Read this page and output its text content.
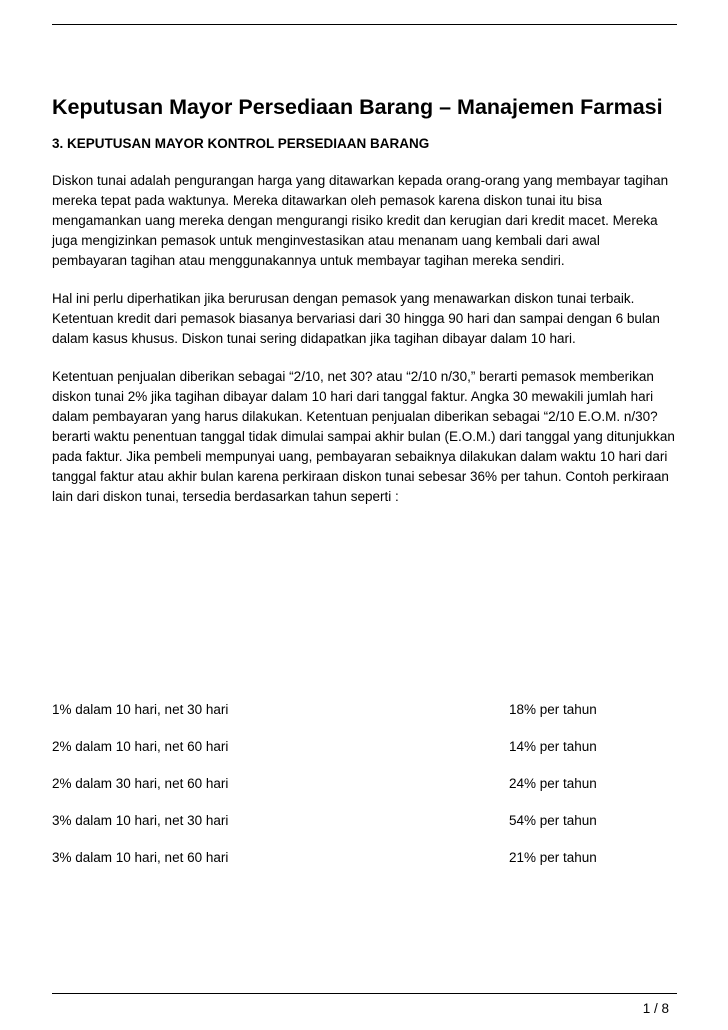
Keputusan Mayor Persediaan Barang – Manajemen Farmasi
3. KEPUTUSAN MAYOR KONTROL PERSEDIAAN BARANG

Diskon tunai adalah pengurangan harga yang ditawarkan kepada orang-orang yang membayar tagihan mereka tepat pada waktunya. Mereka ditawarkan oleh pemasok karena diskon tunai itu bisa mengamankan uang mereka dengan mengurangi risiko kredit dan kerugian dari kredit macet. Mereka juga mengizinkan pemasok untuk menginvestasikan atau menanam uang kembali dari awal pembayaran tagihan atau menggunakannya untuk membayar tagihan mereka sendiri.

Hal ini perlu diperhatikan jika berurusan dengan pemasok yang menawarkan diskon tunai terbaik. Ketentuan kredit dari pemasok biasanya bervariasi dari 30 hingga 90 hari dan sampai dengan 6 bulan dalam kasus khusus. Diskon tunai sering didapatkan jika tagihan dibayar dalam 10 hari.

Ketentuan penjualan diberikan sebagai “2/10, net 30? atau “2/10 n/30,” berarti pemasok memberikan diskon tunai 2% jika tagihan dibayar dalam 10 hari dari tanggal faktur. Angka 30 mewakili jumlah hari dalam pembayaran yang harus dilakukan. Ketentuan penjualan diberikan sebagai “2/10 E.O.M. n/30? berarti waktu penentuan tanggal tidak dimulai sampai akhir bulan (E.O.M.) dari tanggal yang ditunjukkan pada faktur. Jika pembeli mempunyai uang, pembayaran sebaiknya dilakukan dalam waktu 10 hari dari tanggal faktur atau akhir bulan karena perkiraan diskon tunai sebesar 36% per tahun. Contoh perkiraan lain dari diskon tunai, tersedia berdasarkan tahun seperti :

1% dalam 10 hari, net 30 hari	18% per tahun
2% dalam 10 hari, net 60 hari	14% per tahun
2% dalam 30 hari, net 60 hari	24% per tahun
3% dalam 10 hari, net 30 hari	54% per tahun
3% dalam 10 hari, net 60 hari	21% per tahun
1 / 8
